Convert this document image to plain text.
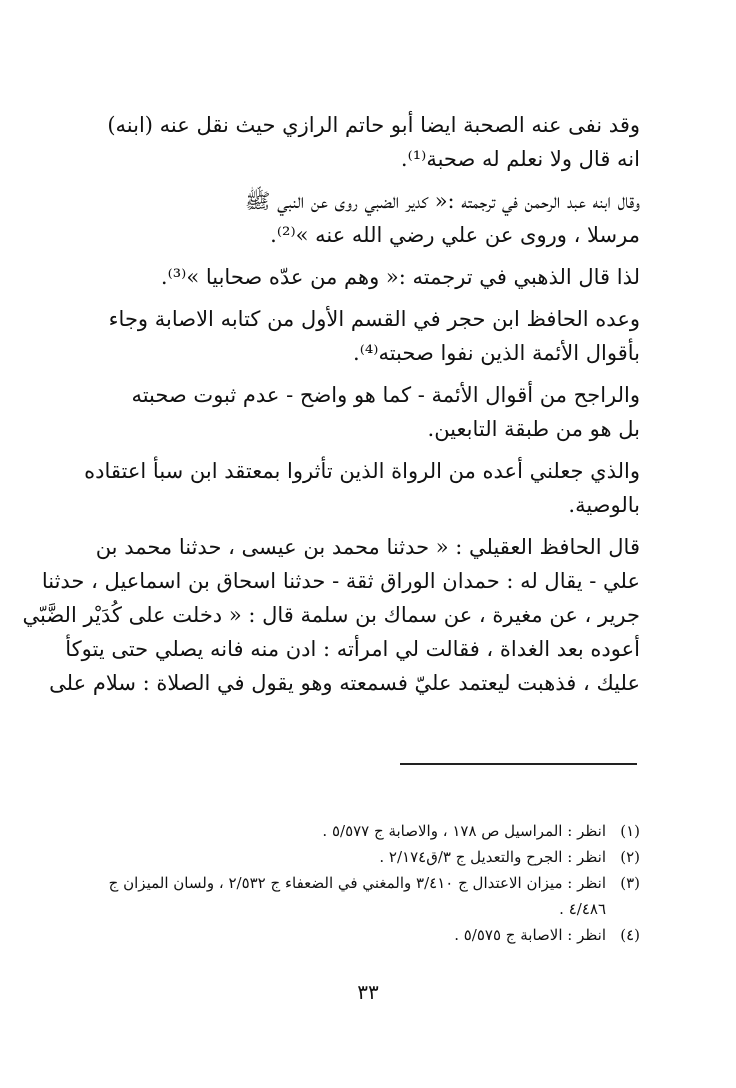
وقد نفى عنه الصحبة ايضا أبو حاتم الرازي حيث نقل عنه (ابنه)
انه قال ولا نعلم له صحبة⁽¹⁾.
وقال ابنه عبد الرحمن في ترجمته :« كدير الضبي روى عن النبي ﷺ
مرسلا ، وروى عن علي رضي الله عنه »⁽²⁾.
لذا قال الذهبي في ترجمته :« وهم من عدّه صحابيا »⁽³⁾.
وعده الحافظ ابن حجر في القسم الأول من كتابه الاصابة وجاء
بأقوال الأئمة الذين نفوا صحبته⁽⁴⁾.
والراجح من أقوال الأئمة - كما هو واضح - عدم ثبوت صحبته
بل هو من طبقة التابعين.
والذي جعلني أعده من الرواة الذين تأثروا بمعتقد ابن سبأ اعتقاده
بالوصية.
قال الحافظ العقيلي : « حدثنا محمد بن عيسى ، حدثنا محمد بن
علي - يقال له : حمدان الوراق ثقة - حدثنا اسحاق بن اسماعيل ، حدثنا
جرير ، عن مغيرة ، عن سماك بن سلمة قال : « دخلت على كُدَيْر الضَّبّي
أعوده بعد الغداة ، فقالت لي امرأته : ادن منه فانه يصلي حتى يتوكأ
عليك ، فذهبت ليعتمد عليّ فسمعته وهو يقول في الصلاة : سلام على
(١)
انظر : المراسيل ص ١٧٨ ، والاصابة ج ٥/٥٧٧ .
(٢)
انظر : الجرح والتعديل ج ٣/ق٢/١٧٤ .
(٣)
انظر : ميزان الاعتدال ج ٣/٤١٠ والمغني في الضعفاء ج ٢/٥٣٢ ، ولسان الميزان ج
٤/٤٨٦ .
(٤)
انظر : الاصابة ج ٥/٥٧٥ .
٣٣
